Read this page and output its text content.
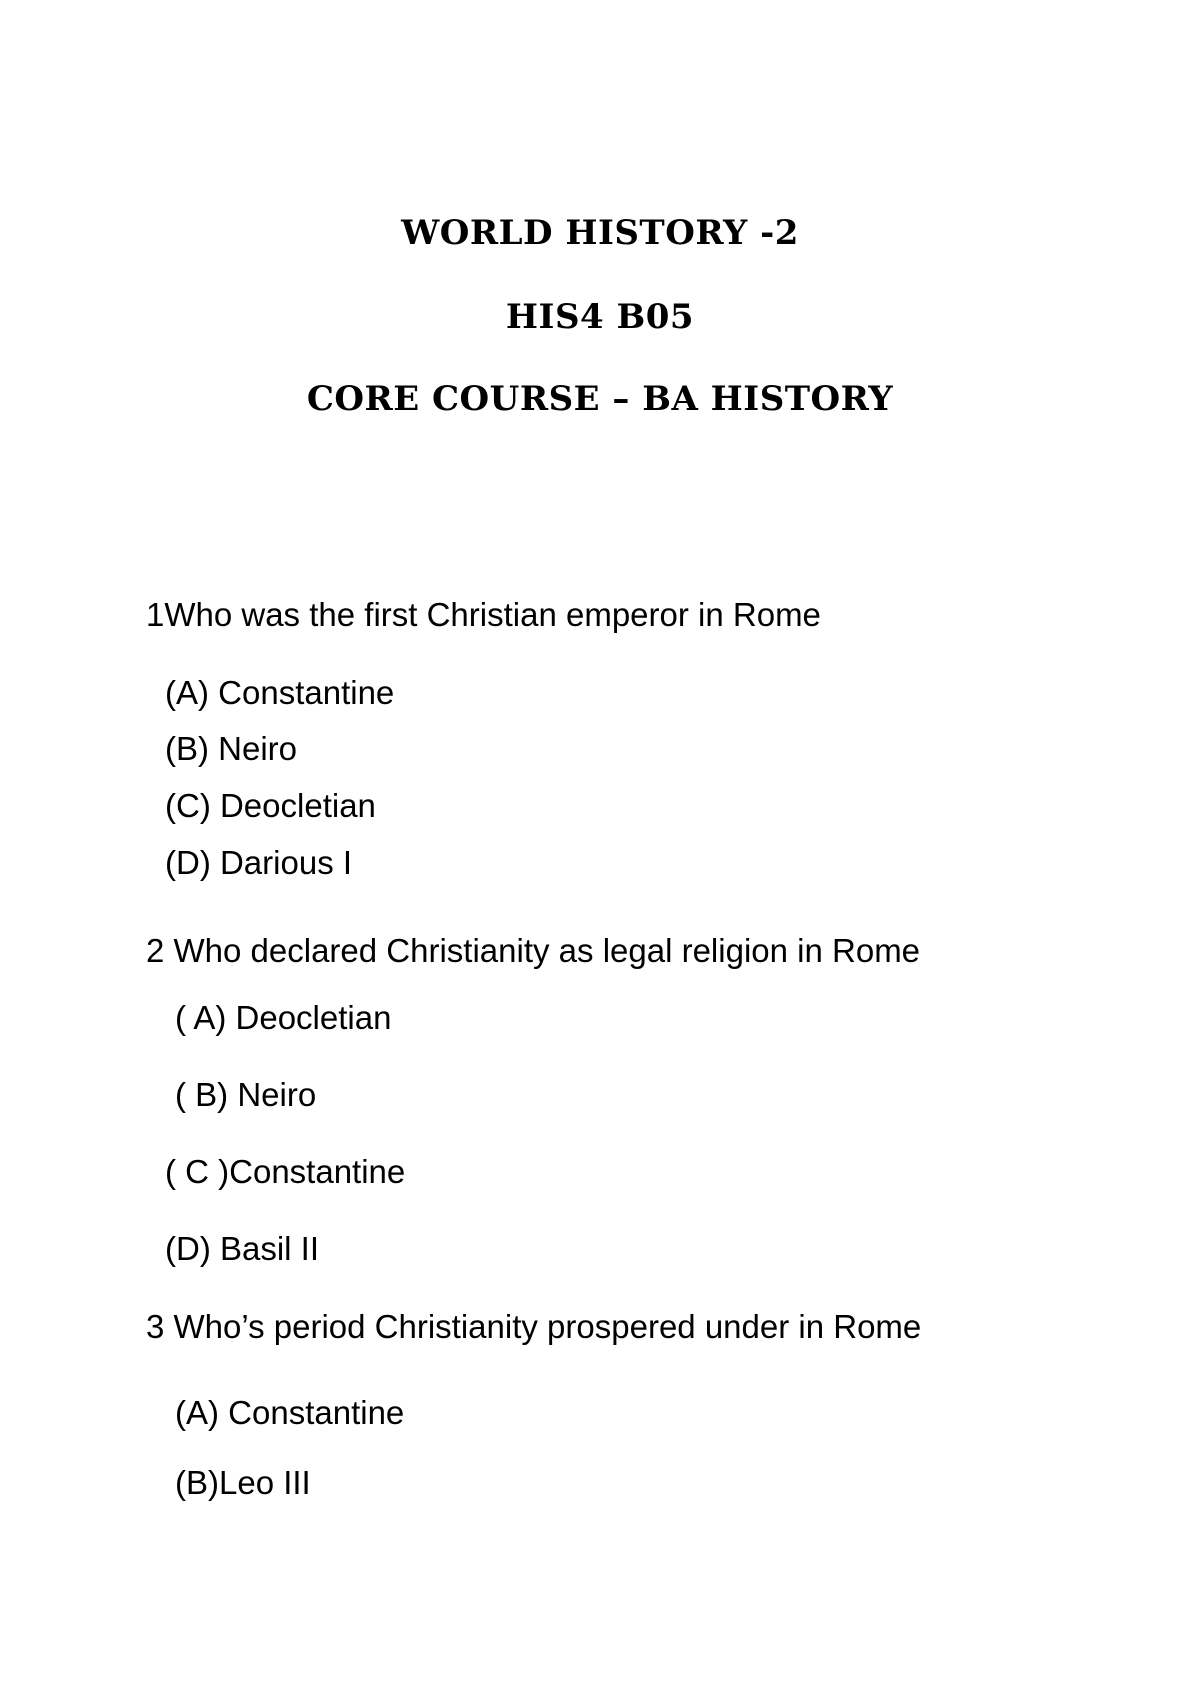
WORLD HISTORY -2
HIS4 B05
CORE COURSE – BA HISTORY
1Who was the first Christian emperor in Rome
(A) Constantine
(B) Neiro
(C) Deocletian
(D) Darious I
2 Who declared Christianity as legal religion in Rome
( A) Deocletian
( B) Neiro
( C )Constantine
(D) Basil II
3 Who’s period Christianity prospered under in Rome
(A) Constantine
(B)Leo III
